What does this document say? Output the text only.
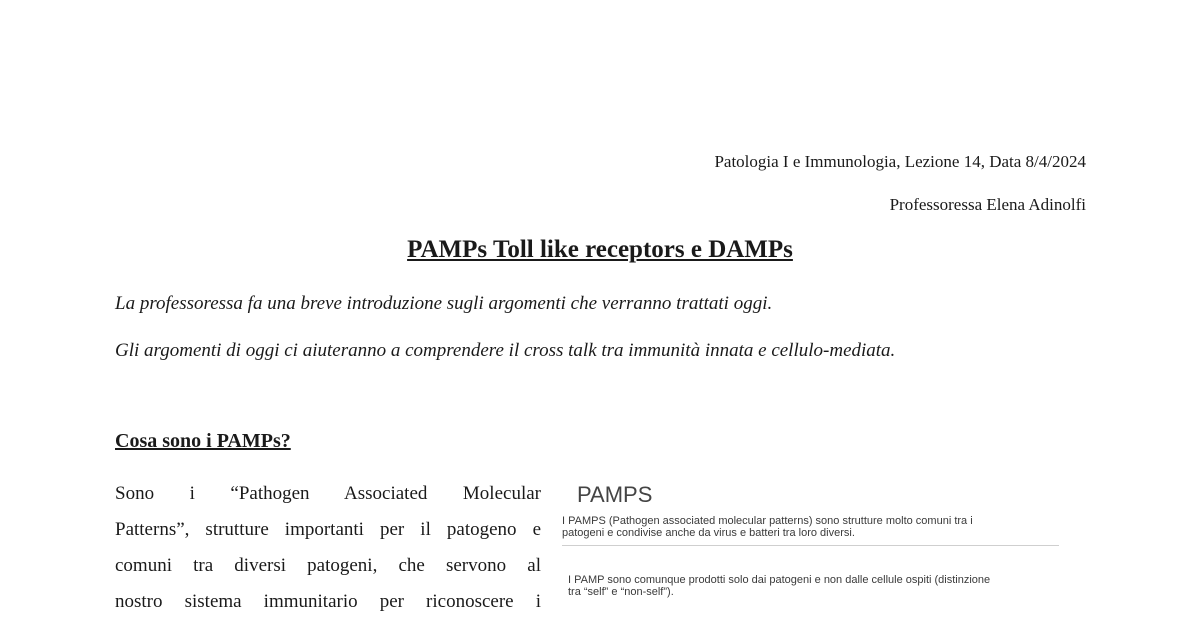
Patologia I e Immunologia, Lezione 14, Data 8/4/2024
Professoressa Elena Adinolfi
PAMPs Toll like receptors e DAMPs
La professoressa fa una breve introduzione sugli argomenti che verranno trattati oggi.
Gli argomenti di oggi ci aiuteranno a comprendere il cross talk tra immunità innata e cellulo-mediata.
Cosa sono i PAMPs?
Sono i “Pathogen Associated Molecular
Patterns”, strutture importanti per il patogeno e
comuni tra diversi patogeni, che servono al
nostro sistema immunitario per riconoscere i
PAMPS
I PAMPS (Pathogen associated molecular patterns) sono strutture molto comuni tra i
patogeni e condivise anche da virus e batteri tra loro diversi.
I PAMP sono comunque prodotti solo dai patogeni e non dalle cellule ospiti (distinzione
tra “self” e “non-self”).
